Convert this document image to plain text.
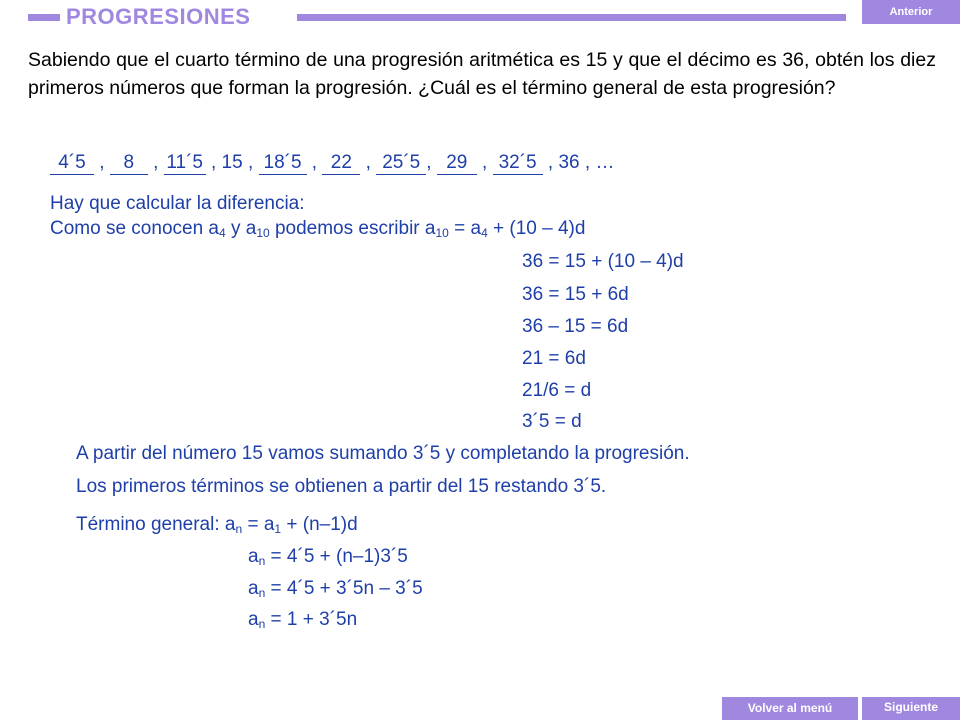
PROGRESIONES	Anterior
Sabiendo que el cuarto término de una progresión aritmética es 15 y que el décimo es 36, obtén los diez primeros números que forman la progresión. ¿Cuál es el término general de esta progresión?
4´5 , 8 , 11´5 , 15 , 18´5 , 22 , 25´5 , 29 , 32´5 , 36 , …
Hay que calcular la diferencia:
Como se conocen $a_4$ y $a_{10}$ podemos escribir $a_{10} = a_4 + (10 - 4)d$
36 = 15 + (10 – 4)d
36 = 15 + 6d
36 – 15 = 6d
21 = 6d
21/6 = d
3´5 = d
A partir del número 15 vamos sumando 3´5 y completando la progresión.
Los primeros términos se obtienen a partir del 15 restando 3´5.
Término general: $a_n = a_1 + (n-1)d$
$a_n$ = 4´5 + (n–1)3´5
$a_n$ = 4´5 + 3´5n – 3´5
$a_n = 1$ + 3´5n
Volver al menú	Siguiente
